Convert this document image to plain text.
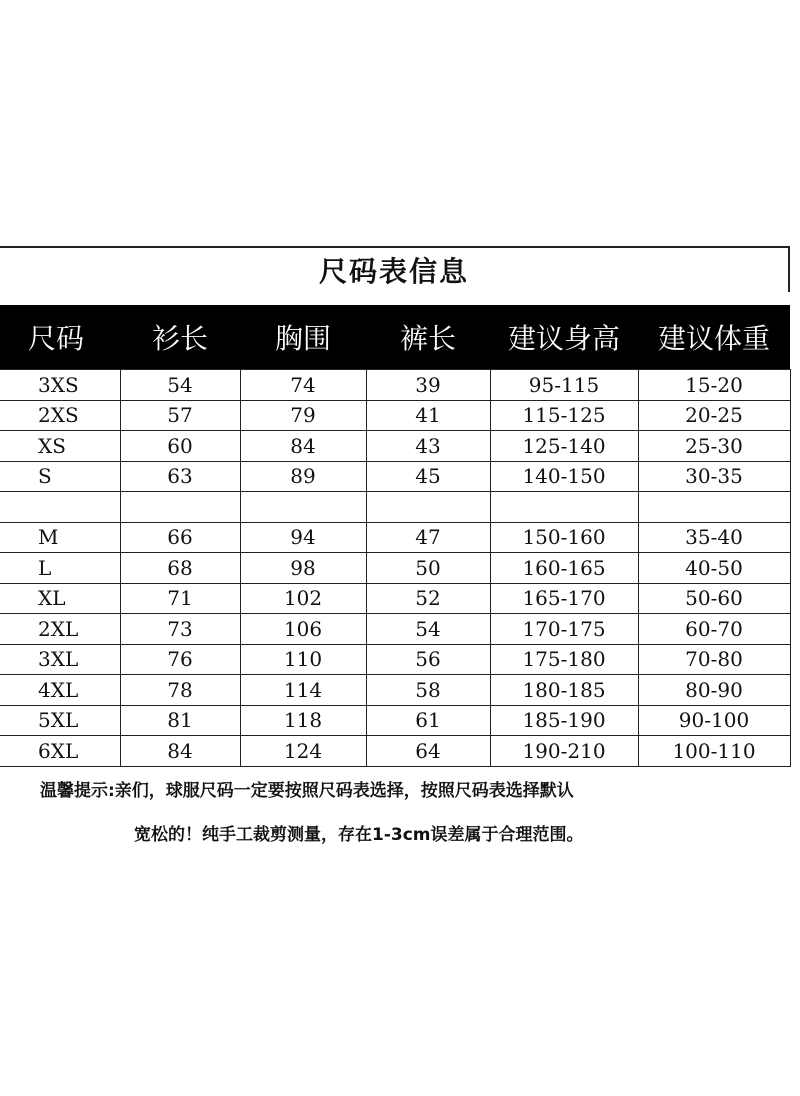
尺码表信息
尺码	衫长	胸围	裤长	建议身高	建议体重
3XS	54	74	39	95-115	15-20
2XS	57	79	41	115-125	20-25
XS	60	84	43	125-140	25-30
S	63	89	45	140-150	30-35

M	66	94	47	150-160	35-40
L	68	98	50	160-165	40-50
XL	71	102	52	165-170	50-60
2XL	73	106	54	170-175	60-70
3XL	76	110	56	175-180	70-80
4XL	78	114	58	180-185	80-90
5XL	81	118	61	185-190	90-100
6XL	84	124	64	190-210	100-110
温馨提示:亲们，球服尺码一定要按照尺码表选择，按照尺码表选择默认
宽松的！纯手工裁剪测量，存在1-3cm误差属于合理范围。
